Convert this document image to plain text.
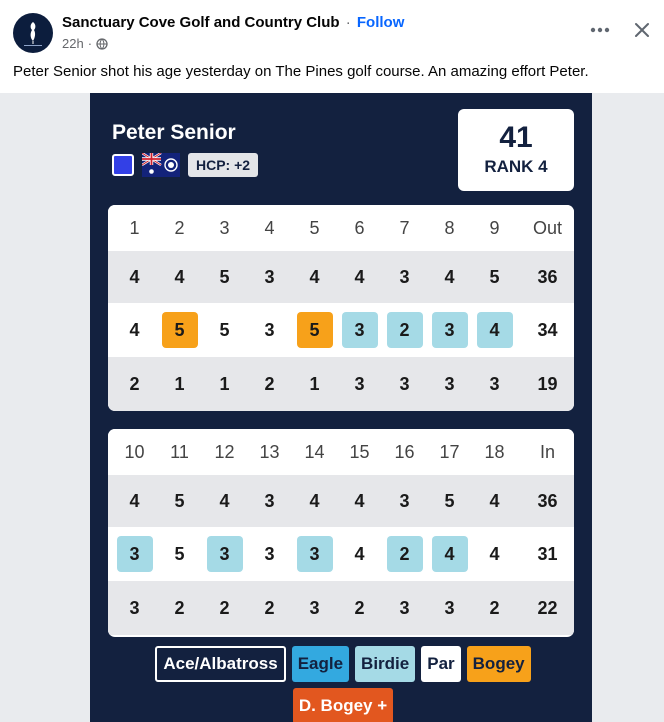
Sanctuary Cove Golf and Country Club · Follow
22h ·
Peter Senior shot his age yesterday on The Pines golf course. An amazing effort Peter.
Peter Senior
HCP: +2
41
RANK 4
1	2	3	4	5	6	7	8	9	Out
4	4	5	3	4	4	3	4	5	36
4	5	5	3	5	3	2	3	4	34
2	1	1	2	1	3	3	3	3	19
10	11	12	13	14	15	16	17	18	In
4	5	4	3	4	4	3	5	4	36
3	5	3	3	3	4	2	4	4	31
3	2	2	2	3	2	3	3	2	22
Ace/Albatross	Eagle	Birdie	Par	Bogey
D. Bogey +
